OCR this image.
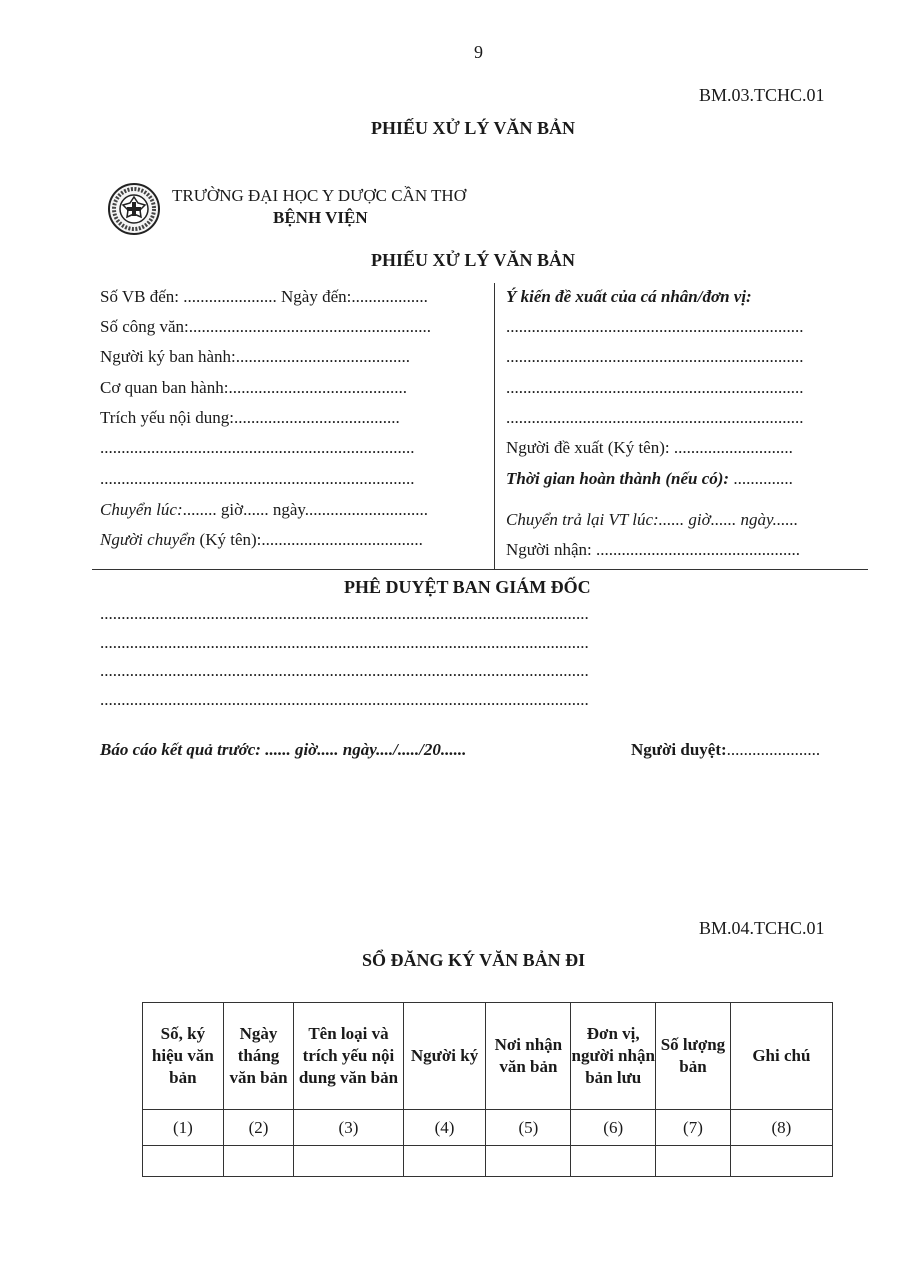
9
BM.03.TCHC.01
PHIẾU XỬ LÝ VĂN BẢN
TRƯỜNG ĐẠI HỌC Y DƯỢC CẦN THƠ
BỆNH VIỆN
PHIẾU XỬ LÝ VĂN BẢN
Số VB đến: ...................... Ngày đến:..................
Số công văn:.........................................................
Người ký ban hành:.........................................
Cơ quan ban hành:..........................................
Trích yếu nội dung:.......................................
..........................................................................
..........................................................................
Chuyển lúc:........ giờ...... ngày.............................
Người chuyển (Ký tên):......................................
Ý kiến đề xuất của cá nhân/đơn vị:
......................................................................
......................................................................
......................................................................
......................................................................
Người đề xuất (Ký tên): ............................
Thời gian hoàn thành (nếu có): ..............
Chuyển trả lại VT lúc:...... giờ...... ngày......
Người nhận: ................................................
PHÊ DUYỆT BAN GIÁM ĐỐC
...................................................................................................................
...................................................................................................................
...................................................................................................................
...................................................................................................................
Báo cáo kết quả trước: ...... giờ..... ngày..../...../20......	Người duyệt:......................
BM.04.TCHC.01
SỔ ĐĂNG KÝ VĂN BẢN ĐI
Số, ký hiệu văn bản	Ngày tháng văn bản	Tên loại và trích yếu nội dung văn bản	Người ký	Nơi nhận văn bản	Đơn vị, người nhận bản lưu	Số lượng bản	Ghi chú
(1)	(2)	(3)	(4)	(5)	(6)	(7)	(8)
